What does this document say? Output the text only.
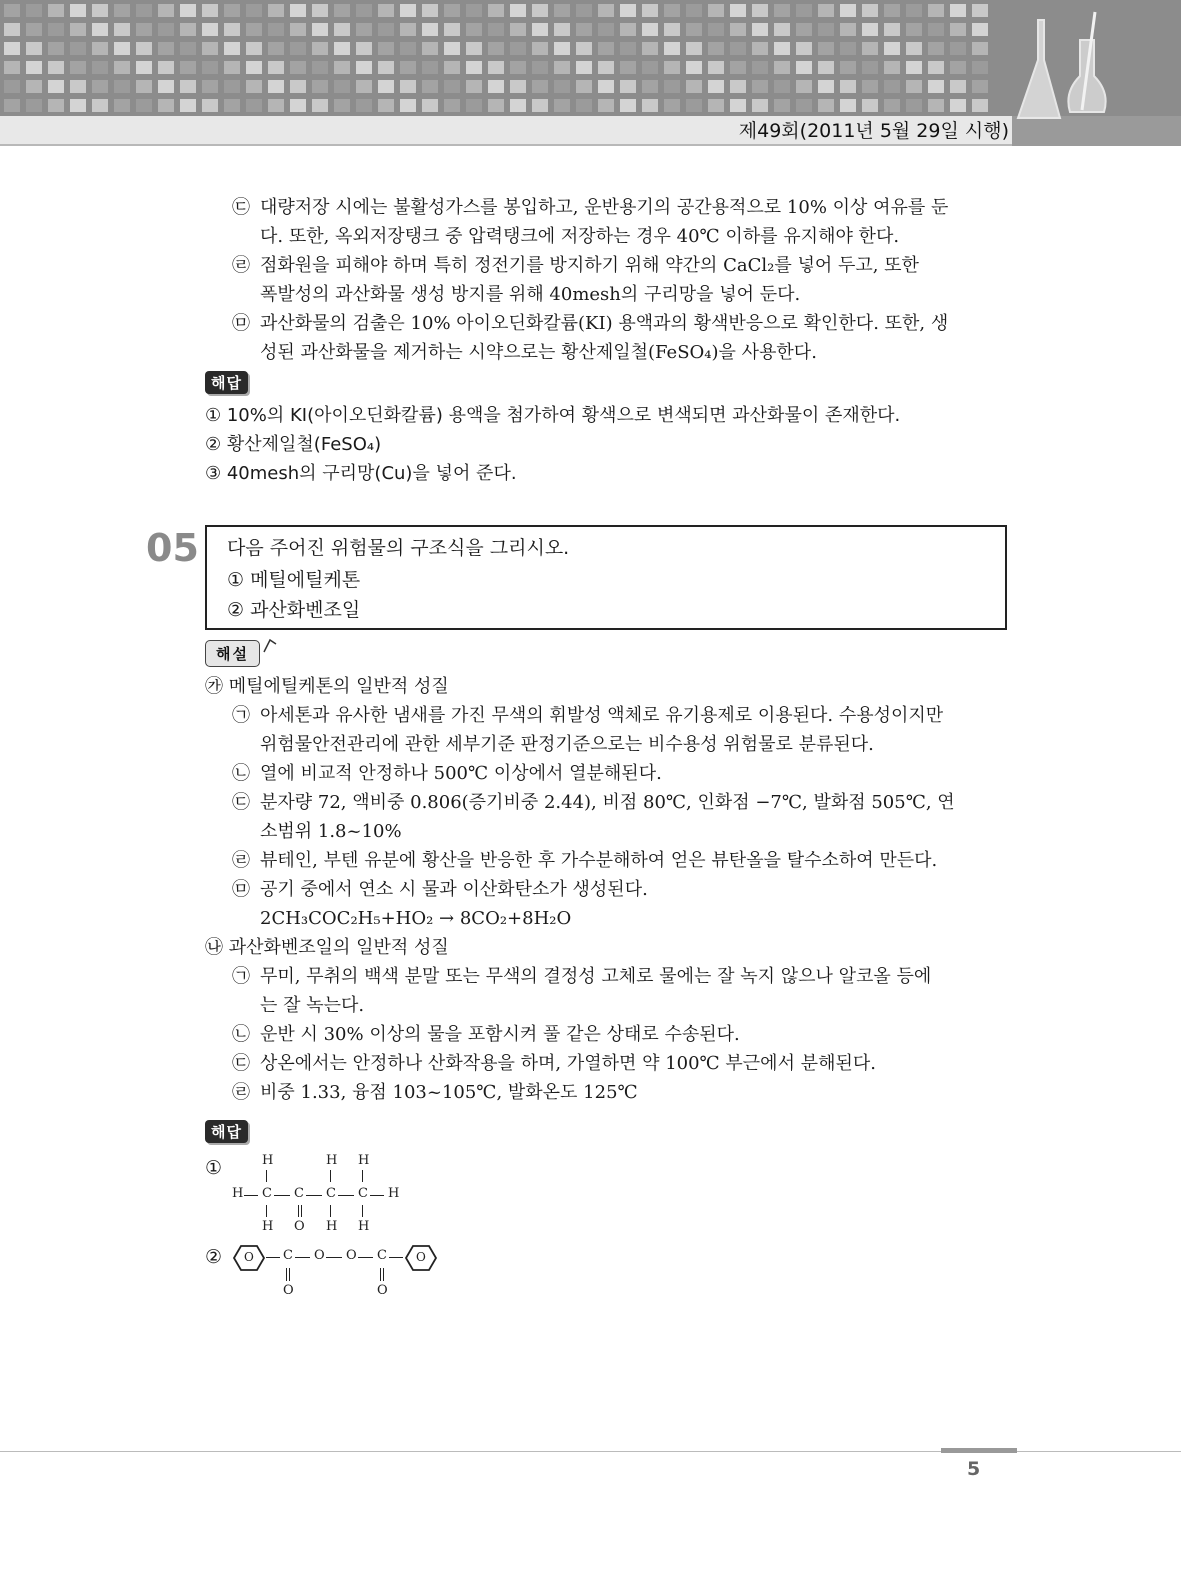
제49회(2011년 5월 29일 시행)
㉢ 대량저장 시에는 불활성가스를 봉입하고, 운반용기의 공간용적으로 10% 이상 여유를 둔
다. 또한, 옥외저장탱크 중 압력탱크에 저장하는 경우 40℃ 이하를 유지해야 한다.
㉣ 점화원을 피해야 하며 특히 정전기를 방지하기 위해 약간의 CaCl₂를 넣어 두고, 또한
폭발성의 과산화물 생성 방지를 위해 40mesh의 구리망을 넣어 둔다.
㉤ 과산화물의 검출은 10% 아이오딘화칼륨(KI) 용액과의 황색반응으로 확인한다. 또한, 생
성된 과산화물을 제거하는 시약으로는 황산제일철(FeSO₄)을 사용한다.
해답
① 10%의 KI(아이오딘화칼륨) 용액을 첨가하여 황색으로 변색되면 과산화물이 존재한다.
② 황산제일철(FeSO₄)
③ 40mesh의 구리망(Cu)을 넣어 준다.
05 다음 주어진 위험물의 구조식을 그리시오.
① 메틸에틸케톤
② 과산화벤조일
해설
㉮ 메틸에틸케톤의 일반적 성질
㉠ 아세톤과 유사한 냄새를 가진 무색의 휘발성 액체로 유기용제로 이용된다. 수용성이지만
위험물안전관리에 관한 세부기준 판정기준으로는 비수용성 위험물로 분류된다.
㉡ 열에 비교적 안정하나 500℃ 이상에서 열분해된다.
㉢ 분자량 72, 액비중 0.806(증기비중 2.44), 비점 80℃, 인화점 −7℃, 발화점 505℃, 연
소범위 1.8~10%
㉣ 뷰테인, 부텐 유분에 황산을 반응한 후 가수분해하여 얻은 뷰탄올을 탈수소하여 만든다.
㉤ 공기 중에서 연소 시 물과 이산화탄소가 생성된다.
2CH₃COC₂H₅+HO₂ → 8CO₂+8H₂O
㉯ 과산화벤조일의 일반적 성질
㉠ 무미, 무취의 백색 분말 또는 무색의 결정성 고체로 물에는 잘 녹지 않으나 알코올 등에
는 잘 녹는다.
㉡ 운반 시 30% 이상의 물을 포함시켜 풀 같은 상태로 수송된다.
㉢ 상온에서는 안정하나 산화작용을 하며, 가열하면 약 100℃ 부근에서 분해된다.
㉣ 비중 1.33, 융점 103~105℃, 발화온도 125℃
해답
①
H C C C C H
H	H H
H O H H
② O	O
C O O C
O	O
5
